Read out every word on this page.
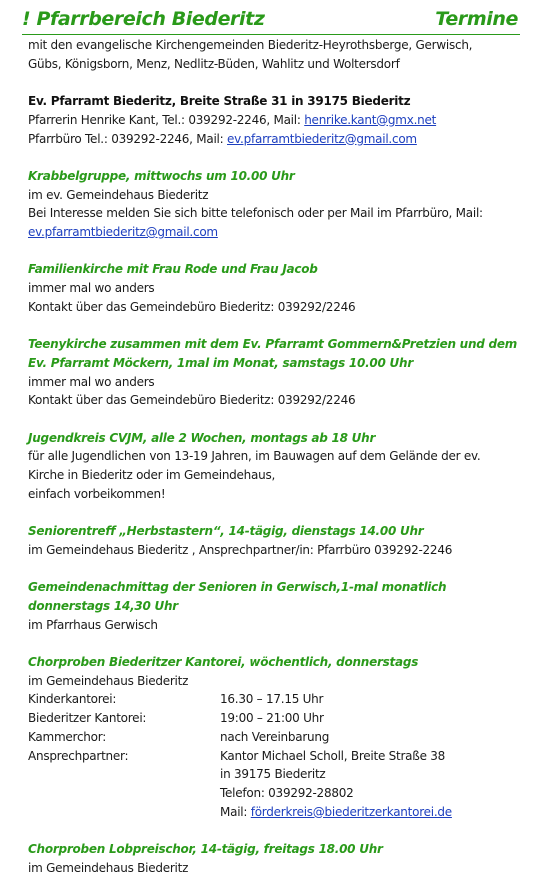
! Pfarrbereich Biederitz	Termine
mit den evangelische Kirchengemeinden Biederitz-Heyrothsberge, Gerwisch,
Gübs, Königsborn, Menz, Nedlitz-Büden, Wahlitz und Woltersdorf
Ev. Pfarramt Biederitz, Breite Straße 31 in 39175 Biederitz
Pfarrerin Henrike Kant, Tel.: 039292-2246, Mail: henrike.kant@gmx.net
Pfarrbüro Tel.: 039292-2246, Mail: ev.pfarramtbiederitz@gmail.com
Krabbelgruppe, mittwochs um 10.00 Uhr
im ev. Gemeindehaus Biederitz
Bei Interesse melden Sie sich bitte telefonisch oder per Mail im Pfarrbüro, Mail:
ev.pfarramtbiederitz@gmail.com
Familienkirche mit Frau Rode und Frau Jacob
immer mal wo anders
Kontakt über das Gemeindebüro Biederitz: 039292/2246
Teenykirche zusammen mit dem Ev. Pfarramt Gommern&Pretzien und dem
Ev. Pfarramt Möckern, 1mal im Monat, samstags 10.00 Uhr
immer mal wo anders
Kontakt über das Gemeindebüro Biederitz: 039292/2246
Jugendkreis CVJM, alle 2 Wochen, montags ab 18 Uhr
für alle Jugendlichen von 13-19 Jahren, im Bauwagen auf dem Gelände der ev.
Kirche in Biederitz oder im Gemeindehaus,
einfach vorbeikommen!
Seniorentreff „Herbstastern“, 14-tägig, dienstags 14.00 Uhr
im Gemeindehaus Biederitz , Ansprechpartner/in: Pfarrbüro 039292-2246
Gemeindenachmittag der Senioren in Gerwisch,1-mal monatlich
donnerstags 14,30 Uhr
im Pfarrhaus Gerwisch
Chorproben Biederitzer Kantorei, wöchentlich, donnerstags
im Gemeindehaus Biederitz
Kinderkantorei:	16.30 – 17.15 Uhr
Biederitzer Kantorei:	19:00 – 21:00 Uhr
Kammerchor:	nach Vereinbarung
Ansprechpartner:	Kantor Michael Scholl, Breite Straße 38
in 39175 Biederitz
Telefon: 039292-28802
Mail: förderkreis@biederitzerkantorei.de
Chorproben Lobpreischor, 14-tägig, freitags 18.00 Uhr
im Gemeindehaus Biederitz
